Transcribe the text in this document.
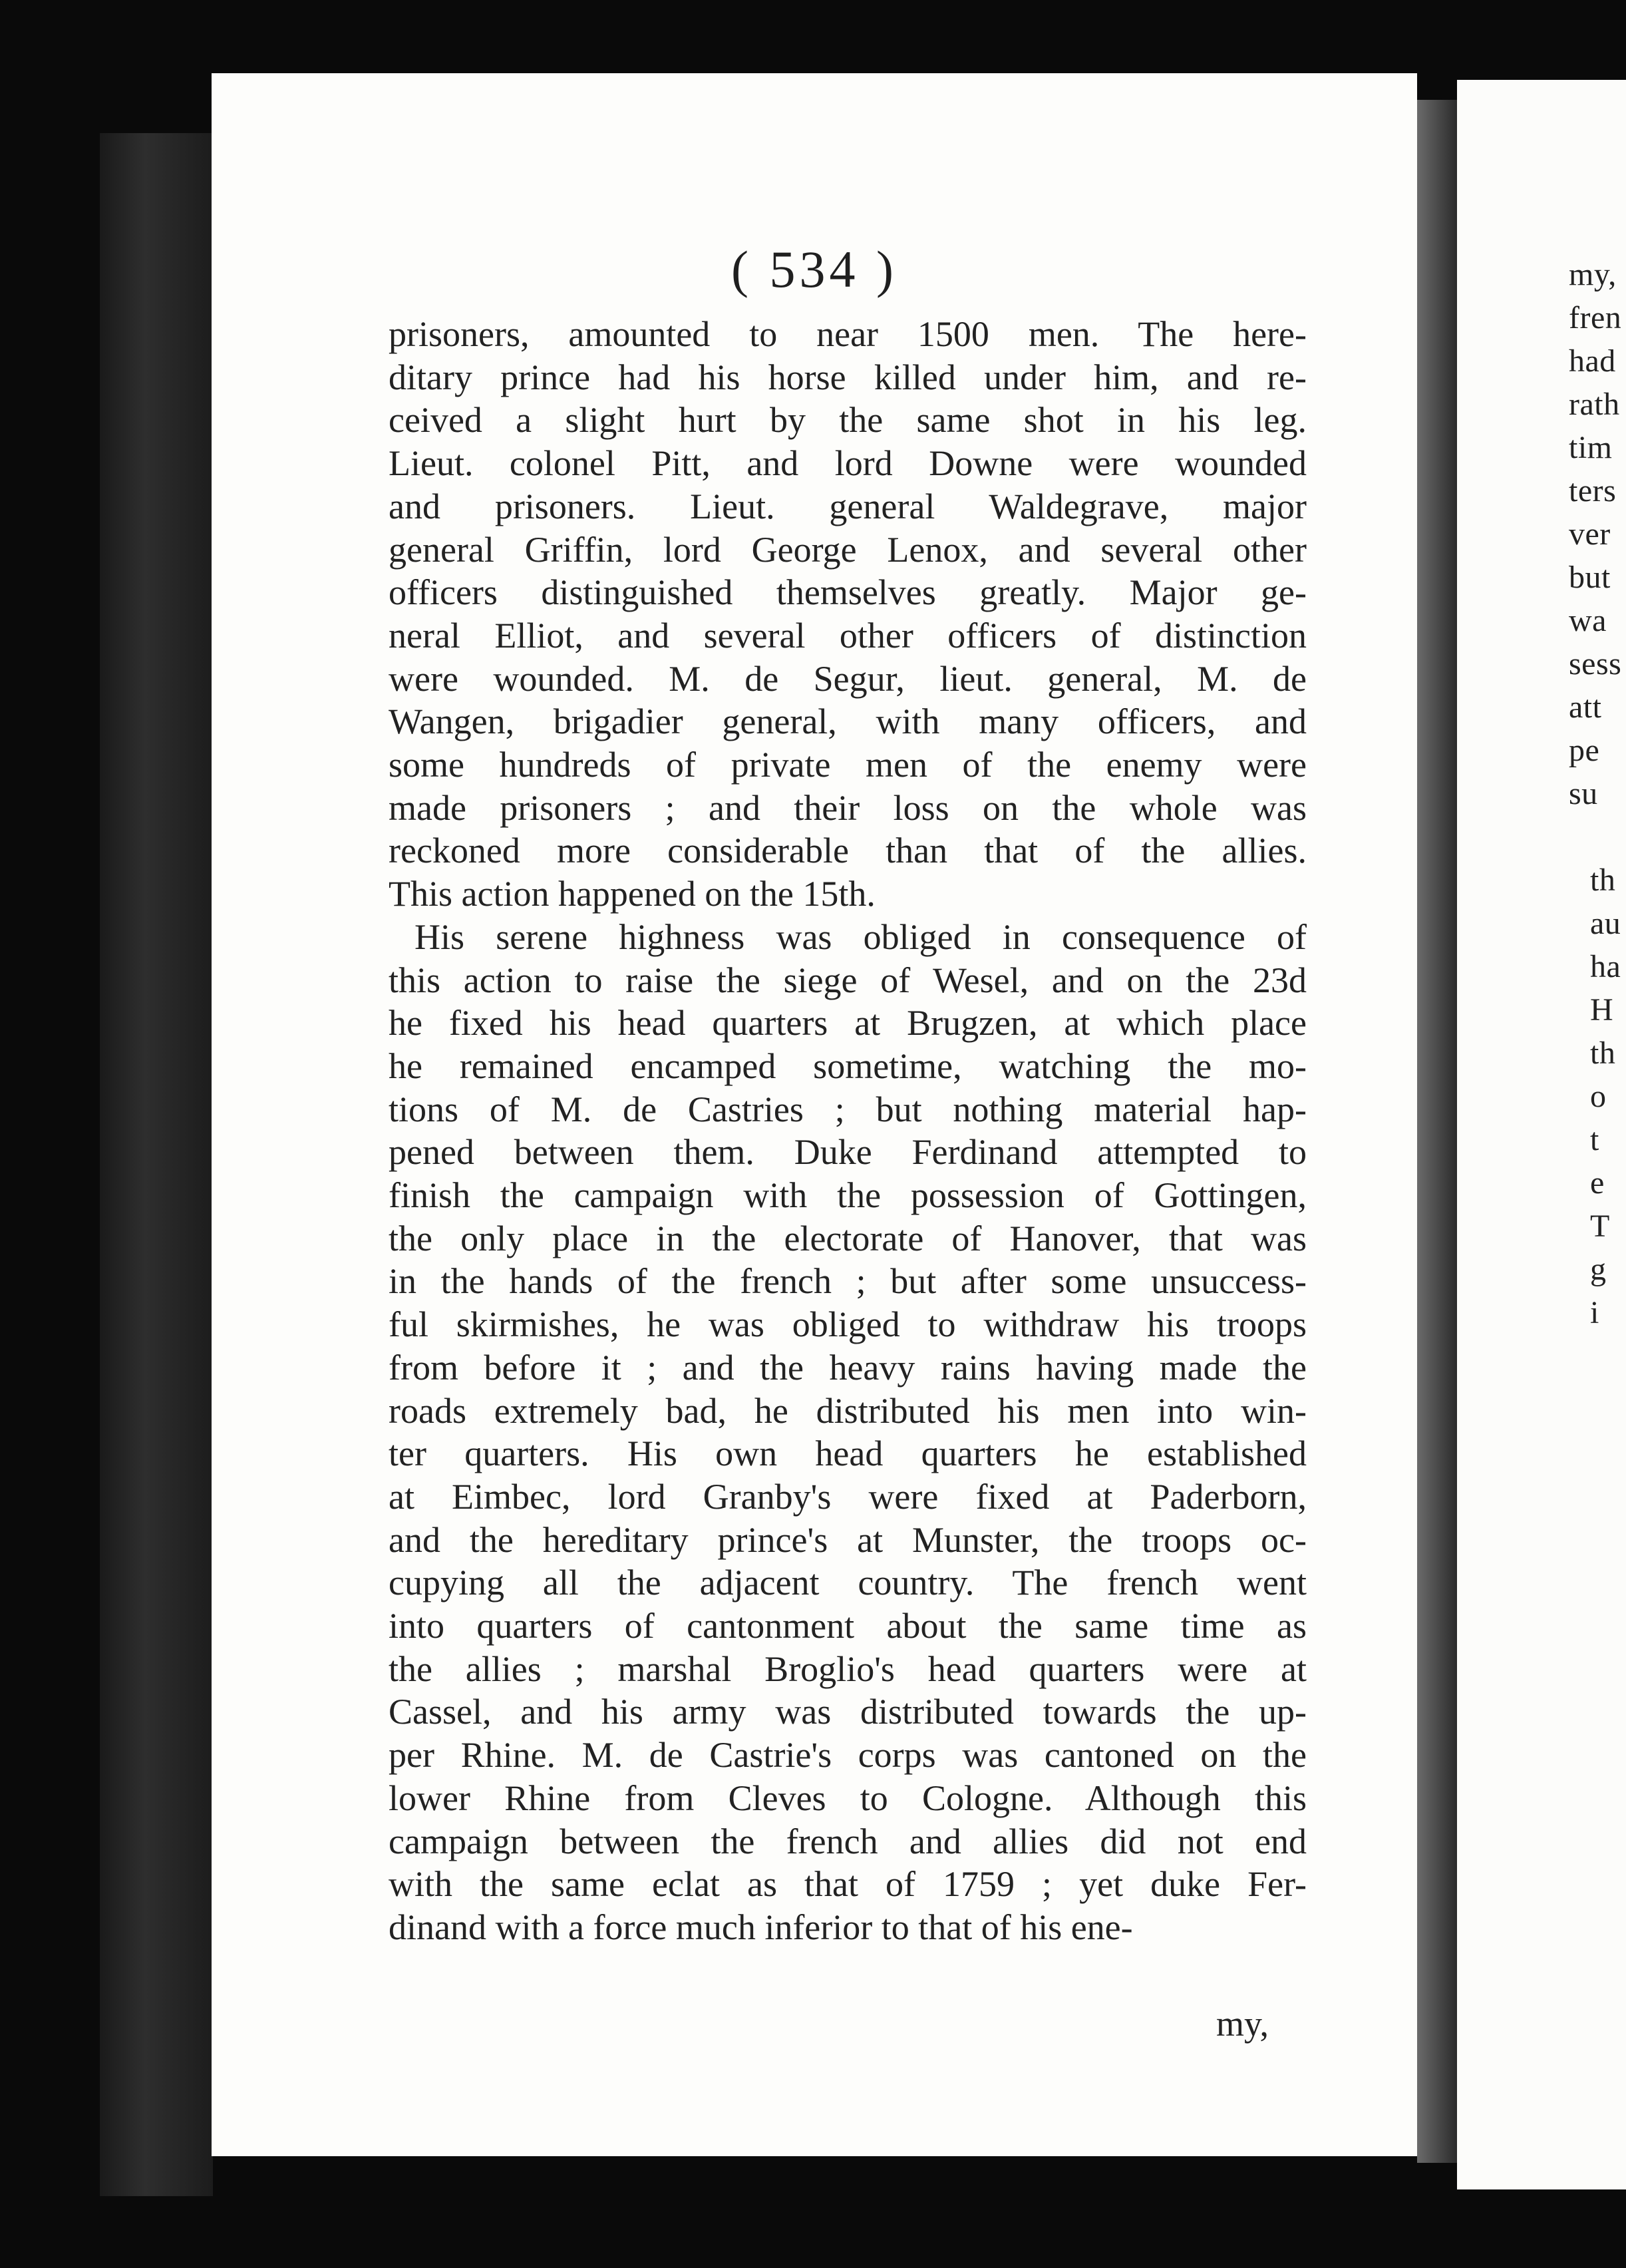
( 534 )
prisoners, amounted to near 1500 men. The here-
ditary prince had his horse killed under him, and re-
ceived a slight hurt by the same shot in his leg.
Lieut. colonel Pitt, and lord Downe were wounded
and prisoners. Lieut. general Waldegrave, major
general Griffin, lord George Lenox, and several other
officers distinguished themselves greatly. Major ge-
neral Elliot, and several other officers of distinction
were wounded. M. de Segur, lieut. general, M. de
Wangen, brigadier general, with many officers, and
some hundreds of private men of the enemy were
made prisoners ; and their loss on the whole was
reckoned more considerable than that of the allies.
This action happened on the 15th.
His serene highness was obliged in consequence of
this action to raise the siege of Wesel, and on the 23d
he fixed his head quarters at Brugzen, at which place
he remained encamped sometime, watching the mo-
tions of M. de Castries ; but nothing material hap-
pened between them. Duke Ferdinand attempted to
finish the campaign with the possession of Gottingen,
the only place in the electorate of Hanover, that was
in the hands of the french ; but after some unsuccess-
ful skirmishes, he was obliged to withdraw his troops
from before it ; and the heavy rains having made the
roads extremely bad, he distributed his men into win-
ter quarters. His own head quarters he established
at Eimbec, lord Granby's were fixed at Paderborn,
and the hereditary prince's at Munster, the troops oc-
cupying all the adjacent country. The french went
into quarters of cantonment about the same time as
the allies ; marshal Broglio's head quarters were at
Cassel, and his army was distributed towards the up-
per Rhine. M. de Castrie's corps was cantoned on the
lower Rhine from Cleves to Cologne. Although this
campaign between the french and allies did not end
with the same eclat as that of 1759 ; yet duke Fer-
dinand with a force much inferior to that of his ene-
my,
my,
fren
had
rath
tim
ters
ver
but
wa
sess
att
pe
su
th
au
ha
H
th
o
t
e
T
g
i
